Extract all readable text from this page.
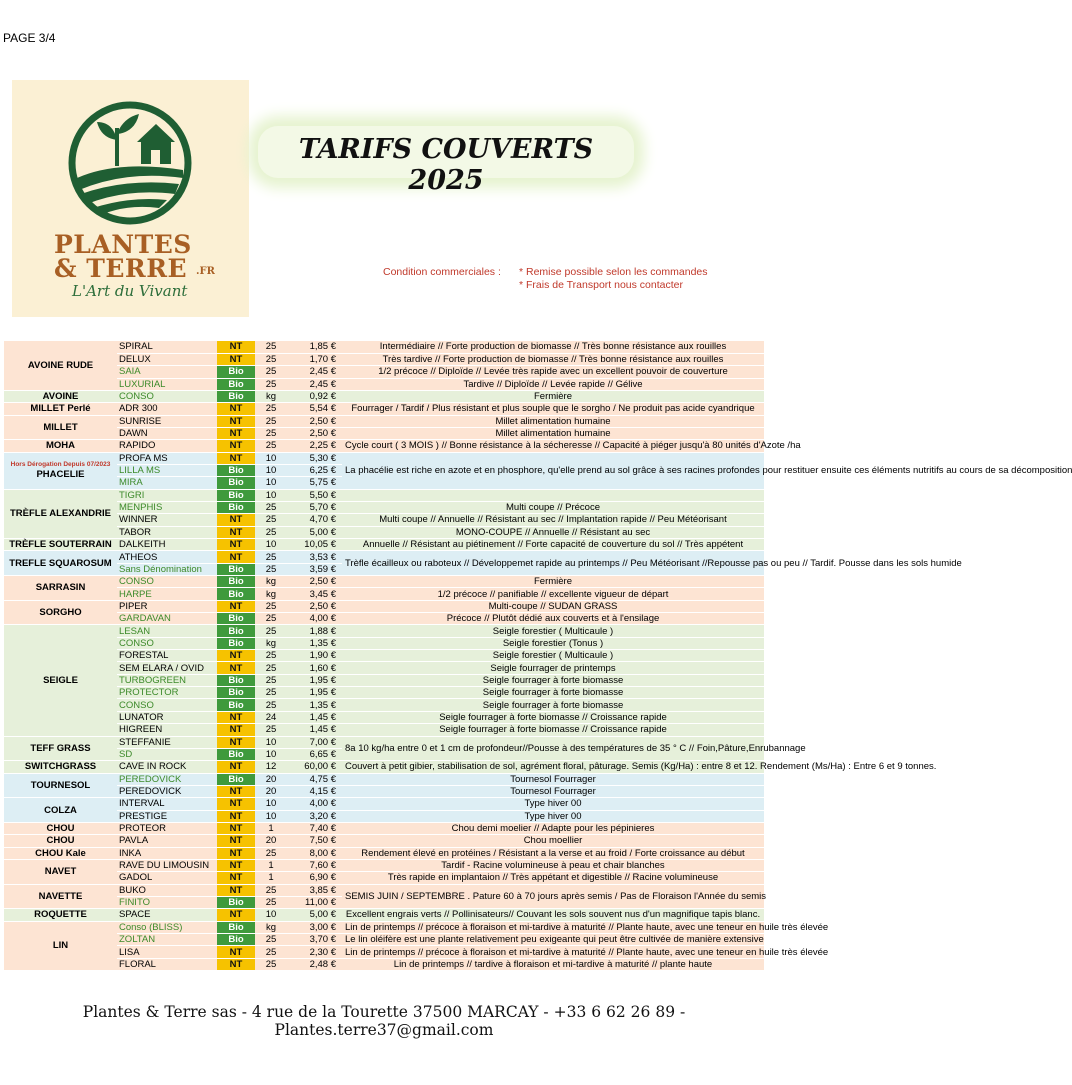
PAGE 3/4
PLANTES
& TERRE .FR
L'Art du Vivant
TARIFS COUVERTS 2025
Condition commerciales : * Remise possible selon les commandes
* Frais de Transport nous contacter
AVOINE RUDE	SPIRAL	NT	25	1,85 €	Intermédiaire // Forte production de biomasse // Très bonne résistance aux rouilles
	DELUX	NT	25	1,70 €	Très tardive // Forte production de biomasse // Très bonne résistance aux rouilles
	SAIA	Bio	25	2,45 €	1/2 précoce // Diploïde // Levée très rapide avec un excellent pouvoir de couverture
	LUXURIAL	Bio	25	2,45 €	Tardive // Diploïde // Levée rapide // Gélive
AVOINE	CONSO	Bio	kg	0,92 €	Fermière
MILLET Perlé	ADR 300	NT	25	5,54 €	Fourrager / Tardif / Plus résistant et plus souple que le sorgho / Ne produit pas acide cyandrique
MILLET	SUNRISE	NT	25	2,50 €	Millet alimentation humaine
	DAWN	NT	25	2,50 €	Millet alimentation humaine
MOHA	RAPIDO	NT	25	2,25 €	Cycle court ( 3 MOIS ) // Bonne résistance à la sécheresse // Capacité à piéger jusqu'à 80 unités d'Azote /ha

Hors Dérogation Depuis 07/2023
PHACELIE	PROFA MS	NT	10	5,30 €	La phacélie est riche en azote et en phosphore, qu'elle prend au sol grâce à ses racines profondes pour restituer ensuite ces éléments nutritifs au cours de sa décomposition
	LILLA MS	Bio	10	6,25 €	
	MIRA	Bio	10	5,75 €	
TRÈFLE ALEXANDRIE	TIGRI	Bio	10	5,50 €	
	MENPHIS	Bio	25	5,70 €	Multi coupe // Précoce
	WINNER	NT	25	4,70 €	Multi coupe // Annuelle // Résistant au sec // Implantation rapide // Peu Météorisant
	TABOR	NT	25	5,00 €	MONO-COUPE // Annuelle // Résistant au sec
TRÈFLE SOUTERRAIN	DALKEITH	NT	10	10,05 €	Annuelle // Résistant au piétinement // Forte capacité de couverture du sol // Très appétent
TREFLE SQUAROSUM	ATHEOS	NT	25	3,53 €	Trèfle écailleux ou raboteux // Développemet rapide au printemps // Peu Météorisant //Repousse pas ou peu // Tardif. Pousse dans les sols humide
	Sans Dénomination	Bio	25	3,59 €	
SARRASIN	CONSO	Bio	kg	2,50 €	Fermière
	HARPE	Bio	kg	3,45 €	1/2 précoce // panifiable // excellente vigueur de départ
SORGHO	PIPER	NT	25	2,50 €	Multi-coupe // SUDAN GRASS
	GARDAVAN	Bio	25	4,00 €	Précoce // Plutôt dédié aux couverts et à l'ensilage
SEIGLE	LESAN	Bio	25	1,88 €	Seigle forestier ( Multicaule )
	CONSO	Bio	kg	1,35 €	Seigle forestier (Tonus )
	FORESTAL	NT	25	1,90 €	Seigle forestier ( Multicaule )
	SEM ELARA / OVID	NT	25	1,60 €	Seigle fourrager de printemps
	TURBOGREEN	Bio	25	1,95 €	Seigle fourrager à forte biomasse
	PROTECTOR	Bio	25	1,95 €	Seigle fourrager à forte biomasse
	CONSO	Bio	25	1,35 €	Seigle fourrager à forte biomasse
	LUNATOR	NT	24	1,45 €	Seigle fourrager à forte biomasse // Croissance rapide
	HIGREEN	NT	25	1,45 €	Seigle fourrager à forte biomasse // Croissance rapide
TEFF GRASS	STEFFANIE	NT	10	7,00 €	8a 10 kg/ha entre 0 et 1 cm de profondeur//Pousse à des températures de 35 ° C // Foin,Pâture,Enrubannage
	SD	Bio	10	6,65 €	
SWITCHGRASS	CAVE IN ROCK	NT	12	60,00 €	Couvert à petit gibier, stabilisation de sol, agrément floral, pâturage. Semis (Kg/Ha) : entre 8 et 12. Rendement (Ms/Ha) : Entre 6 et 9 tonnes.
TOURNESOL	PEREDOVICK	Bio	20	4,75 €	Tournesol Fourrager
	PEREDOVICK	NT	20	4,15 €	Tournesol Fourrager
COLZA	INTERVAL	NT	10	4,00 €	Type hiver 00
	PRESTIGE	NT	10	3,20 €	Type hiver 00
CHOU	PROTEOR	NT	1	7,40 €	Chou demi moelier // Adapte pour les pépinieres
CHOU	PAVLA	NT	20	7,50 €	Chou moellier
CHOU Kale	INKA	NT	25	8,00 €	Rendement élevé en protéines / Résistant a la verse et au froid / Forte croissance au début
NAVET	RAVE DU LIMOUSIN	NT	1	7,60 €	Tardif - Racine volumineuse à peau et chair blanches
	GADOL	NT	1	6,90 €	Très rapide en implantaion // Très appétant et digestible // Racine volumineuse
NAVETTE	BUKO	NT	25	3,85 €	SEMIS JUIN / SEPTEMBRE . Pature 60 à 70 jours après semis / Pas de Floraison l'Année du semis
	FINITO	Bio	25	11,00 €	
ROQUETTE	SPACE	NT	10	5,00 €	Excellent engrais verts // Pollinisateurs// Couvant les sols souvent nus d'un magnifique tapis blanc.
LIN	Conso (BLISS)	Bio	kg	3,00 €	Lin de printemps // précoce à floraison et mi-tardive à maturité // Plante haute, avec une teneur en huile très élevée
	ZOLTAN	Bio	25	3,70 €	Le lin oléifère est une plante relativement peu exigeante qui peut être cultivée de manière extensive
	LISA	NT	25	2,30 €	Lin de printemps // précoce à floraison et mi-tardive à maturité // Plante haute, avec une teneur en huile très élevée
	FLORAL	NT	25	2,48 €	Lin de printemps // tardive à floraison et mi-tardive à maturité // plante haute
Plantes & Terre sas - 4 rue de la Tourette 37500 MARCAY - +33 6 62 26 89 - Plantes.terre37@gmail.com
